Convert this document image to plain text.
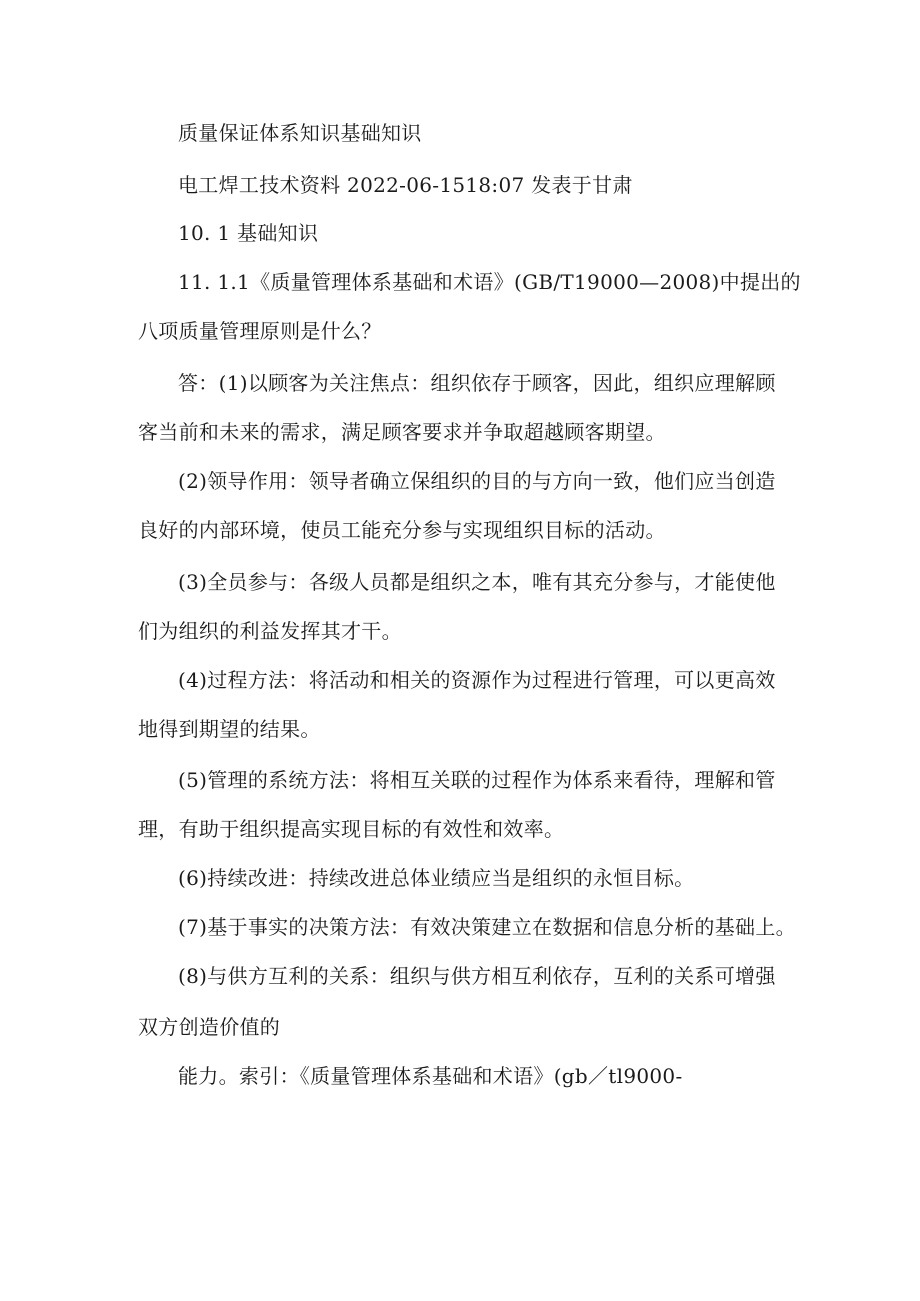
质量保证体系知识基础知识
电工焊工技术资料 2022-06-1518:07 发表于甘肃
10. 1 基础知识
11. 1.1《质量管理体系基础和术语》(GB/T19000—2008)中提出的
八项质量管理原则是什么？
答：(1)以顾客为关注焦点：组织依存于顾客，因此，组织应理解顾
客当前和未来的需求，满足顾客要求并争取超越顾客期望。
(2)领导作用：领导者确立保组织的目的与方向一致，他们应当创造
良好的内部环境，使员工能充分参与实现组织目标的活动。
(3)全员参与：各级人员都是组织之本，唯有其充分参与，才能使他
们为组织的利益发挥其才干。
(4)过程方法：将活动和相关的资源作为过程进行管理，可以更高效
地得到期望的结果。
(5)管理的系统方法：将相互关联的过程作为体系来看待，理解和管
理，有助于组织提高实现目标的有效性和效率。
(6)持续改进：持续改进总体业绩应当是组织的永恒目标。
(7)基于事实的决策方法：有效决策建立在数据和信息分析的基础上。
(8)与供方互利的关系：组织与供方相互利依存，互利的关系可增强
双方创造价值的
能力。索引：《质量管理体系基础和术语》(gb／tl9000-
